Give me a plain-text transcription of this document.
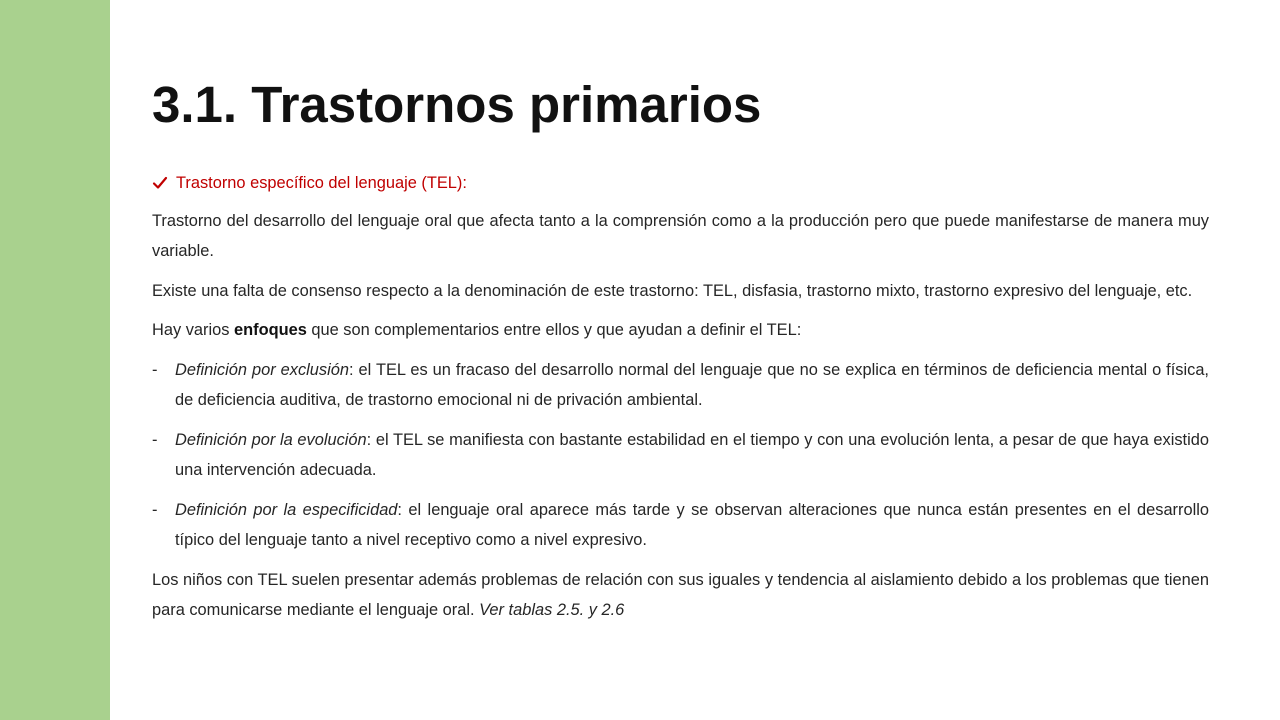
3.1. Trastornos primarios
Trastorno específico del lenguaje (TEL):

Trastorno del desarrollo del lenguaje oral que afecta tanto a la comprensión como a la producción pero que puede manifestarse de manera muy variable.

Existe una falta de consenso respecto a la denominación de este trastorno: TEL, disfasia, trastorno mixto, trastorno expresivo del lenguaje, etc.

Hay varios enfoques que son complementarios entre ellos y que ayudan a definir el TEL:

-	Definición por exclusión: el TEL es un fracaso del desarrollo normal del lenguaje que no se explica en términos de deficiencia mental o física, de deficiencia auditiva, de trastorno emocional ni de privación ambiental.
-	Definición por la evolución: el TEL se manifiesta con bastante estabilidad en el tiempo y con una evolución lenta, a pesar de que haya existido una intervención adecuada.
-	Definición por la especificidad: el lenguaje oral aparece más tarde y se observan alteraciones que nunca están presentes en el desarrollo típico del lenguaje tanto a nivel receptivo como a nivel expresivo.

Los niños con TEL suelen presentar además problemas de relación con sus iguales y tendencia al aislamiento debido a los problemas que tienen para comunicarse mediante el lenguaje oral. Ver tablas 2.5. y 2.6
